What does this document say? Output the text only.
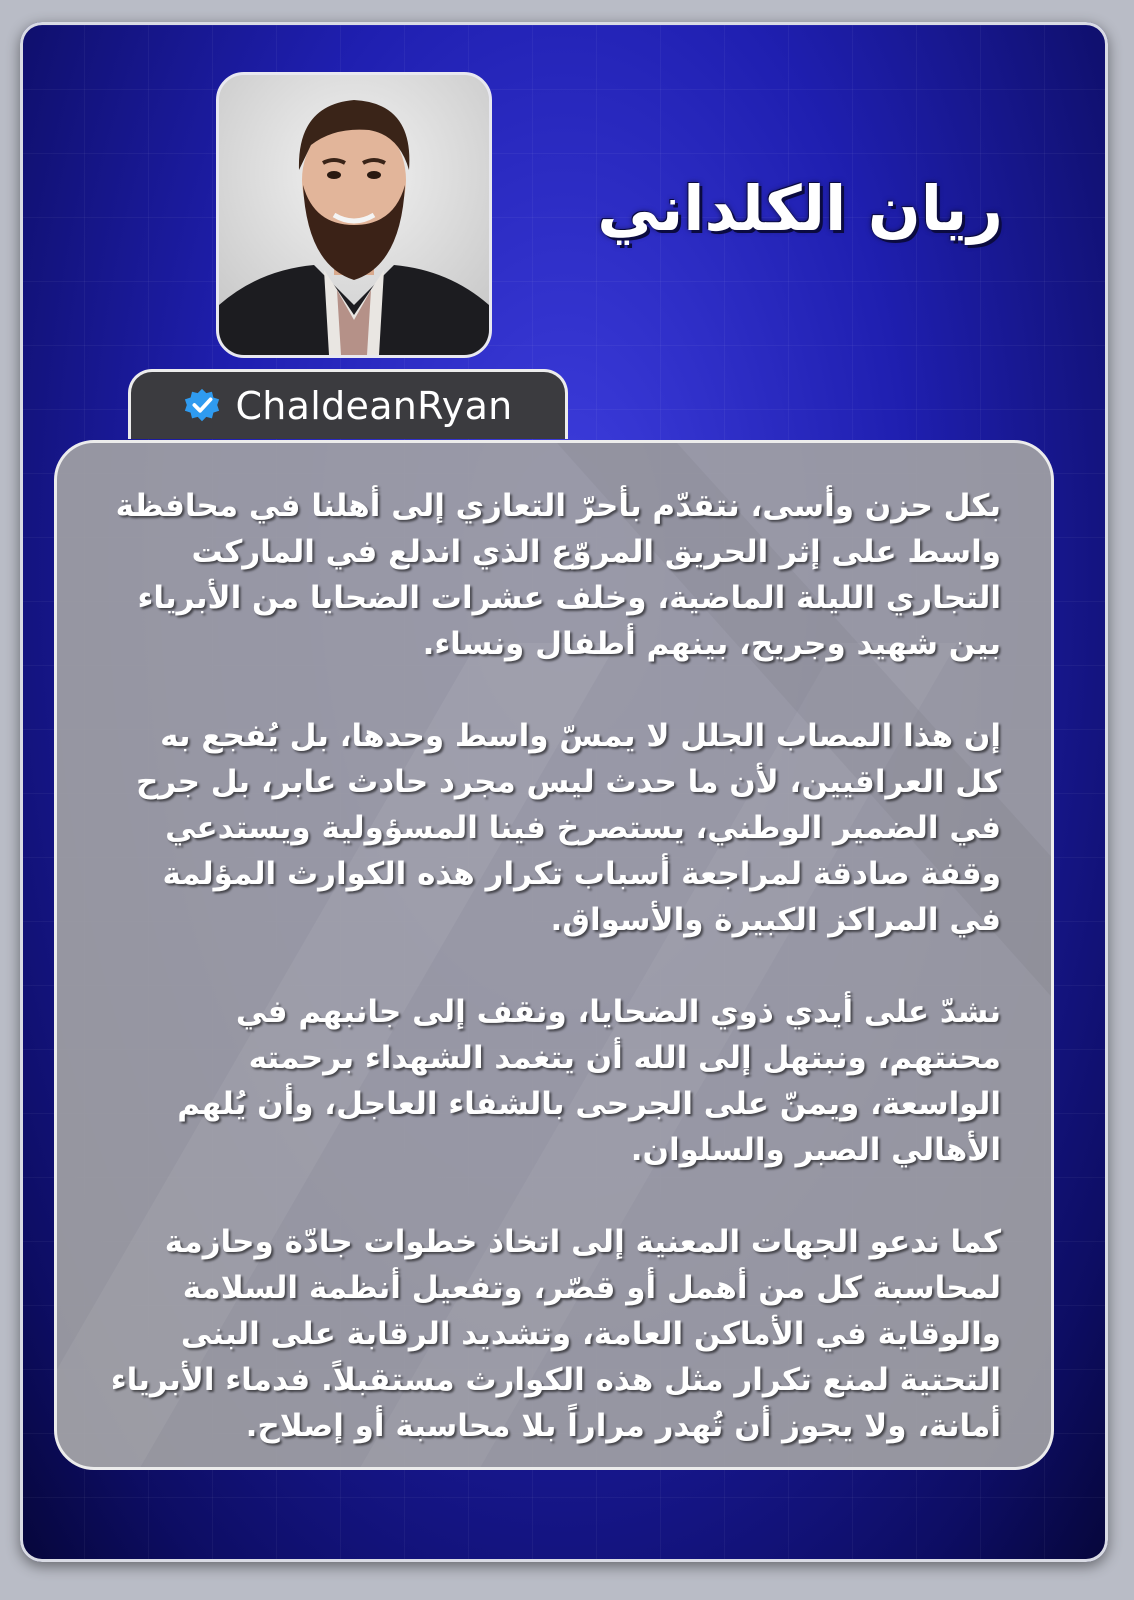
ريان الكلداني
ChaldeanRyan

بكل حزن وأسى، نتقدّم بأحرّ التعازي إلى أهلنا في محافظة واسط على إثر الحريق المروّع الذي اندلع في الماركت التجاري الليلة الماضية، وخلف عشرات الضحايا من الأبرياء بين شهيد وجريح، بينهم أطفال ونساء.

إن هذا المصاب الجلل لا يمسّ واسط وحدها، بل يُفجع به كل العراقيين، لأن ما حدث ليس مجرد حادث عابر، بل جرح في الضمير الوطني، يستصرخ فينا المسؤولية ويستدعي وقفة صادقة لمراجعة أسباب تكرار هذه الكوارث المؤلمة في المراكز الكبيرة والأسواق.

نشدّ على أيدي ذوي الضحايا، ونقف إلى جانبهم في محنتهم، ونبتهل إلى الله أن يتغمد الشهداء برحمته الواسعة، ويمنّ على الجرحى بالشفاء العاجل، وأن يُلهم الأهالي الصبر والسلوان.

كما ندعو الجهات المعنية إلى اتخاذ خطوات جادّة وحازمة لمحاسبة كل من أهمل أو قصّر، وتفعيل أنظمة السلامة والوقاية في الأماكن العامة، وتشديد الرقابة على البنى التحتية لمنع تكرار مثل هذه الكوارث مستقبلاً. فدماء الأبرياء أمانة، ولا يجوز أن تُهدر مراراً بلا محاسبة أو إصلاح.
